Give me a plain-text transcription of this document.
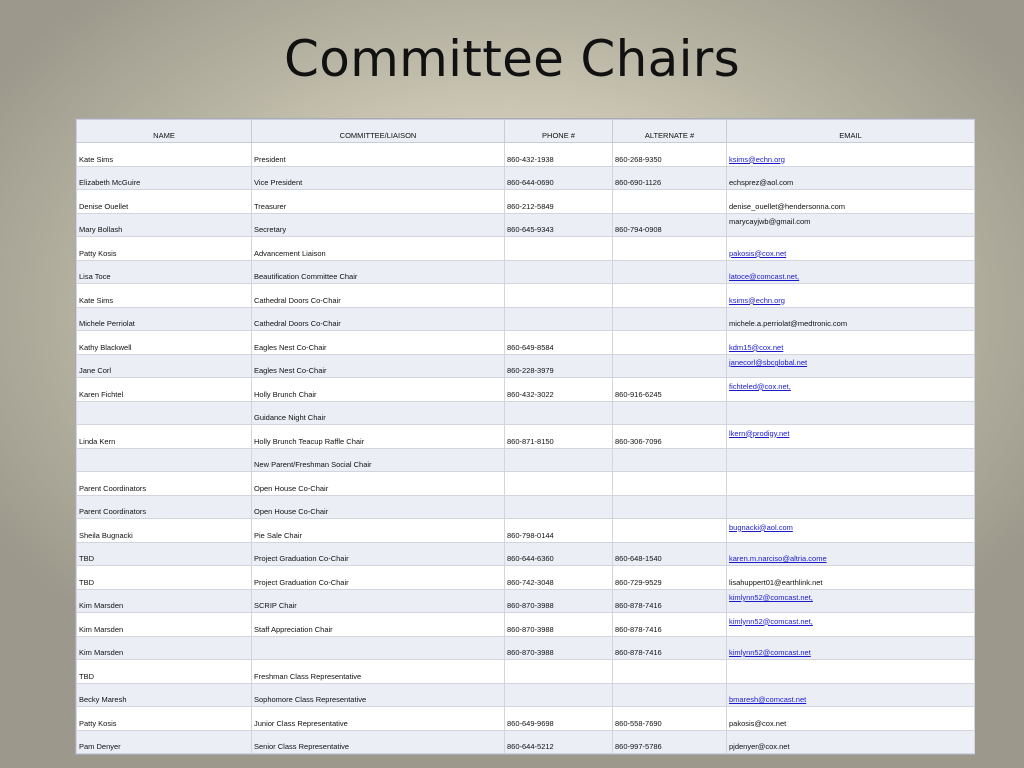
Committee Chairs
NAME	COMMITTEE/LIAISON	PHONE #	ALTERNATE #	EMAIL
Kate Sims	President	860-432-1938	860-268-9350	ksims@echn.org
Elizabeth McGuire	Vice President	860-644-0690	860-690-1126	echsprez@aol.com
Denise Ouellet	Treasurer	860-212-5849		denise_ouellet@hendersonna.com
Mary Bollash	Secretary	860-645-9343	860-794-0908	marycayjwb@gmail.com
Patty Kosis	Advancement Liaison			pakosis@cox.net
Lisa Toce	Beautification Committee Chair			latoce@comcast.net,
Kate Sims	Cathedral Doors Co-Chair			ksims@echn.org
Michele Perriolat	Cathedral Doors Co-Chair			michele.a.perriolat@medtronic.com
Kathy Blackwell	Eagles Nest Co-Chair	860-649-8584		kdm15@cox.net
Jane Corl	Eagles Nest Co-Chair	860-228-3979		janecorl@sbcglobal.net
Karen Fichtel	Holly Brunch Chair	860-432-3022	860-916-6245	fichteled@cox.net,
	Guidance Night Chair			
Linda Kern	Holly Brunch Teacup Raffle Chair	860-871-8150	860-306-7096	lkern@prodigy.net
	New Parent/Freshman Social Chair			
Parent Coordinators	Open House Co-Chair			
Parent Coordinators	Open House Co-Chair			
Sheila Bugnacki	Pie Sale Chair	860-798-0144		bugnacki@aol.com
TBD	Project Graduation Co-Chair	860-644-6360	860-648-1540	karen.m.narciso@altria.come
TBD	Project Graduation Co-Chair	860-742-3048	860-729-9529	lisahuppert01@earthlink.net
Kim Marsden	SCRIP Chair	860-870-3988	860-878-7416	kimlynn52@comcast.net,
Kim Marsden	Staff Appreciation Chair	860-870-3988	860-878-7416	kimlynn52@comcast.net,
Kim Marsden		860-870-3988	860-878-7416	kimlynn52@comcast.net
TBD	Freshman Class Representative			
Becky Maresh	Sophomore Class Representative			bmaresh@comcast.net
Patty Kosis	Junior Class Representative	860-649-9698	860-558-7690	pakosis@cox.net
Pam Denyer	Senior Class Representative	860-644-5212	860-997-5786	pjdenyer@cox.net
